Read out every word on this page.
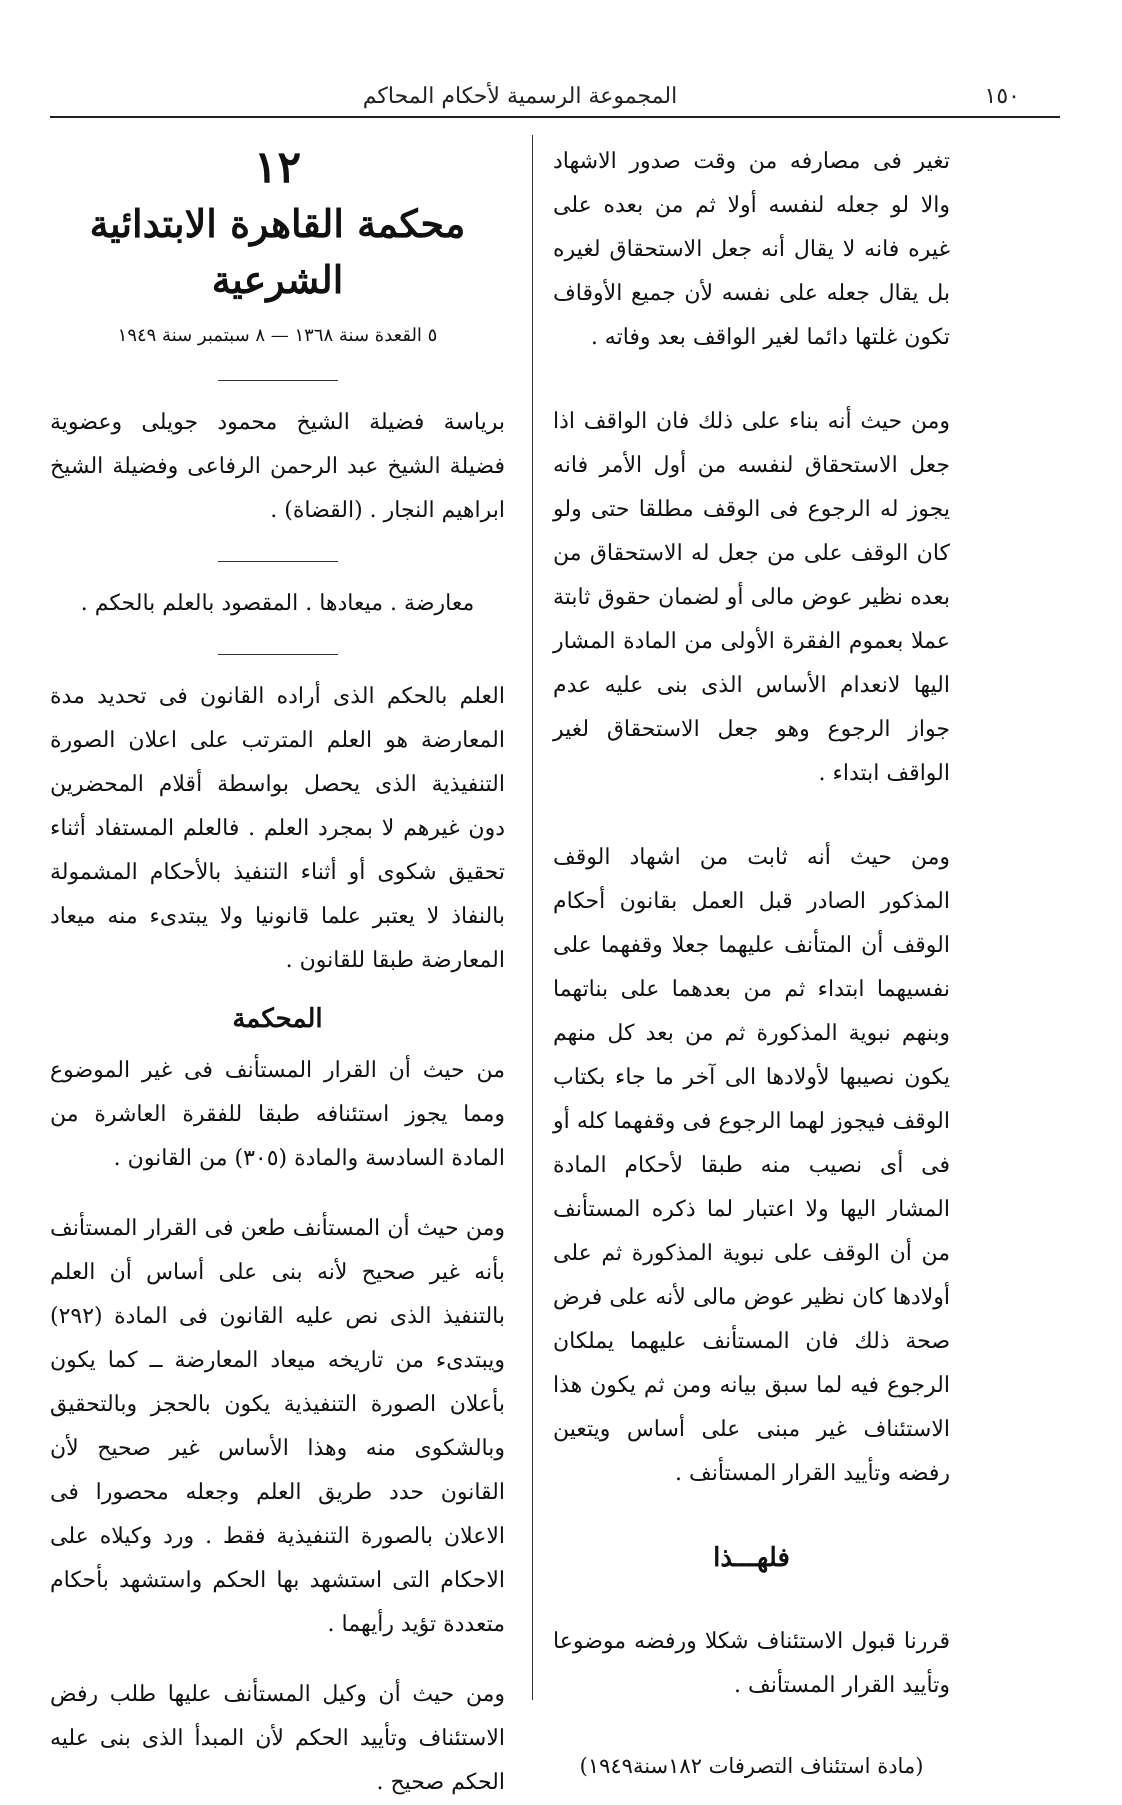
المجموعة الرسمية لأحكام المحاكم	١٥٠

تغير فى مصارفه من وقت صدور الاشهاد والا لو جعله لنفسه أولا ثم من بعده على غيره فانه لا يقال أنه جعل الاستحقاق لغيره بل يقال جعله على نفسه لأن جميع الأوقاف تكون غلتها دائما لغير الواقف بعد وفاته .

ومن حيث أنه بناء على ذلك فان الواقف اذا جعل الاستحقاق لنفسه من أول الأمر فانه يجوز له الرجوع فى الوقف مطلقا حتى ولو كان الوقف على من جعل له الاستحقاق من بعده نظير عوض مالى أو لضمان حقوق ثابتة عملا بعموم الفقرة الأولى من المادة المشار اليها لانعدام الأساس الذى بنى عليه عدم جواز الرجوع وهو جعل الاستحقاق لغير الواقف ابتداء .

ومن حيث أنه ثابت من اشهاد الوقف المذكور الصادر قبل العمل بقانون أحكام الوقف أن المتأنف عليهما جعلا وقفهما على نفسيهما ابتداء ثم من بعدهما على بناتهما وبنهم نبوية المذكورة ثم من بعد كل منهم يكون نصيبها لأولادها الى آخر ما جاء بكتاب الوقف فيجوز لهما الرجوع فى وقفهما كله أو فى أى نصيب منه طبقا لأحكام المادة المشار اليها ولا اعتبار لما ذكره المستأنف من أن الوقف على نبوية المذكورة ثم على أولادها كان نظير عوض مالى لأنه على فرض صحة ذلك فان المستأنف عليهما يملكان الرجوع فيه لما سبق بيانه ومن ثم يكون هذا الاستئناف غير مبنى على أساس ويتعين رفضه وتأييد القرار المستأنف .

فلهـــذا

قررنا قبول الاستئناف شكلا ورفضه موضوعا وتأييد القرار المستأنف .

(مادة استئناف التصرفات ١٨٢سنة١٩٤٩)

١٢
محكمة القاهرة الابتدائية الشرعية
٥ القعدة سنة ١٣٦٨ — ٨ سبتمبر سنة ١٩٤٩

برياسة فضيلة الشيخ محمود جويلى وعضوية فضيلة الشيخ عبد الرحمن الرفاعى وفضيلة الشيخ ابراهيم النجار . (القضاة) .

معارضة . ميعادها . المقصود بالعلم بالحكم .

العلم بالحكم الذى أراده القانون فى تحديد مدة المعارضة هو العلم المترتب على اعلان الصورة التنفيذية الذى يحصل بواسطة أقلام المحضرين دون غيرهم لا بمجرد العلم . فالعلم المستفاد أثناء تحقيق شكوى أو أثناء التنفيذ بالأحكام المشمولة بالنفاذ لا يعتبر علما قانونيا ولا يبتدىء منه ميعاد المعارضة طبقا للقانون .

المحكمة

من حيث أن القرار المستأنف فى غير الموضوع ومما يجوز استئنافه طبقا للفقرة العاشرة من المادة السادسة والمادة (٣٠٥) من القانون .

ومن حيث أن المستأنف طعن فى القرار المستأنف بأنه غير صحيح لأنه بنى على أساس أن العلم بالتنفيذ الذى نص عليه القانون فى المادة (٢٩٢) ويبتدىء من تاريخه ميعاد المعارضة ــ كما يكون بأعلان الصورة التنفيذية يكون بالحجز وبالتحقيق وبالشكوى منه وهذا الأساس غير صحيح لأن القانون حدد طريق العلم وجعله محصورا فى الاعلان بالصورة التنفيذية فقط . ورد وكيلاه على الاحكام التى استشهد بها الحكم واستشهد بأحكام متعددة تؤيد رأيهما .

ومن حيث أن وكيل المستأنف عليها طلب رفض الاستئناف وتأييد الحكم لأن المبدأ الذى بنى عليه الحكم صحيح .
